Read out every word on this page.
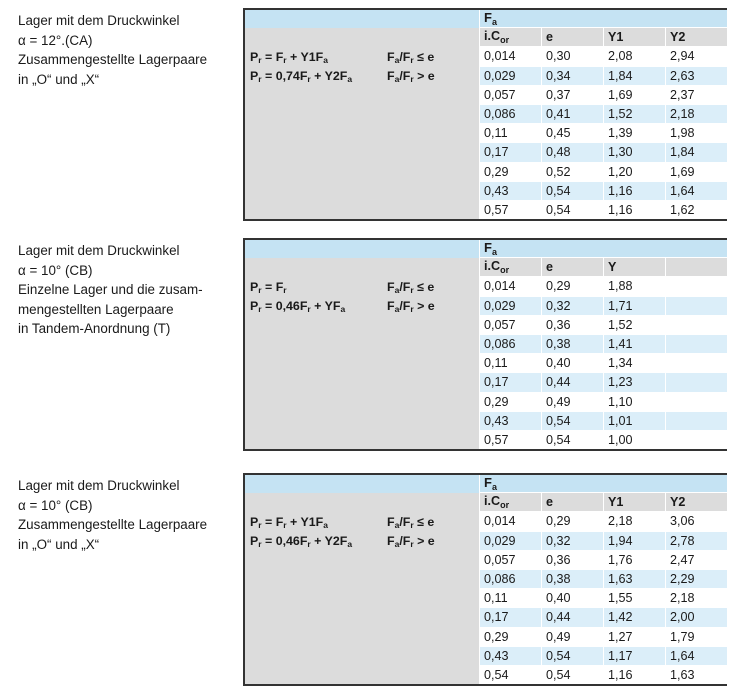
Lager mit dem Druckwinkel
α = 12°.(CA)
Zusammengestellte Lagerpaare
in „O“ und „X“
	$F_a$

$P_r = F_r + Y1F_a$ $F_a/F_r \le e$
$P_r = 0,74F_r + Y2F_a$ $F_a/F_r > e$	$i.C_{or}$	e	Y1	Y2
	0,014	0,30	2,08	2,94
	0,029	0,34	1,84	2,63
	0,057	0,37	1,69	2,37
	0,086	0,41	1,52	2,18
	0,11	0,45	1,39	1,98
	0,17	0,48	1,30	1,84
	0,29	0,52	1,20	1,69
	0,43	0,54	1,16	1,64
	0,57	0,54	1,16	1,62
Lager mit dem Druckwinkel
α = 10° (CB)
Einzelne Lager und die zusam-
mengestellten Lagerpaare
in Tandem-Anordnung (T)
	$F_a$

$P_r = F_r$ $F_a/F_r \le e$
$P_r = 0,46F_r + YF_a$ $F_a/F_r > e$	$i.C_{or}$	e	Y	
	0,014	0,29	1,88	
	0,029	0,32	1,71	
	0,057	0,36	1,52	
	0,086	0,38	1,41	
	0,11	0,40	1,34	
	0,17	0,44	1,23	
	0,29	0,49	1,10	
	0,43	0,54	1,01	
	0,57	0,54	1,00	
Lager mit dem Druckwinkel
α = 10° (CB)
Zusammengestellte Lagerpaare
in „O“ und „X“
	$F_a$

$P_r = F_r + Y1F_a$ $F_a/F_r \le e$
$P_r = 0,46F_r + Y2F_a$ $F_a/F_r > e$	$i.C_{or}$	e	Y1	Y2
	0,014	0,29	2,18	3,06
	0,029	0,32	1,94	2,78
	0,057	0,36	1,76	2,47
	0,086	0,38	1,63	2,29
	0,11	0,40	1,55	2,18
	0,17	0,44	1,42	2,00
	0,29	0,49	1,27	1,79
	0,43	0,54	1,17	1,64
	0,54	0,54	1,16	1,63
